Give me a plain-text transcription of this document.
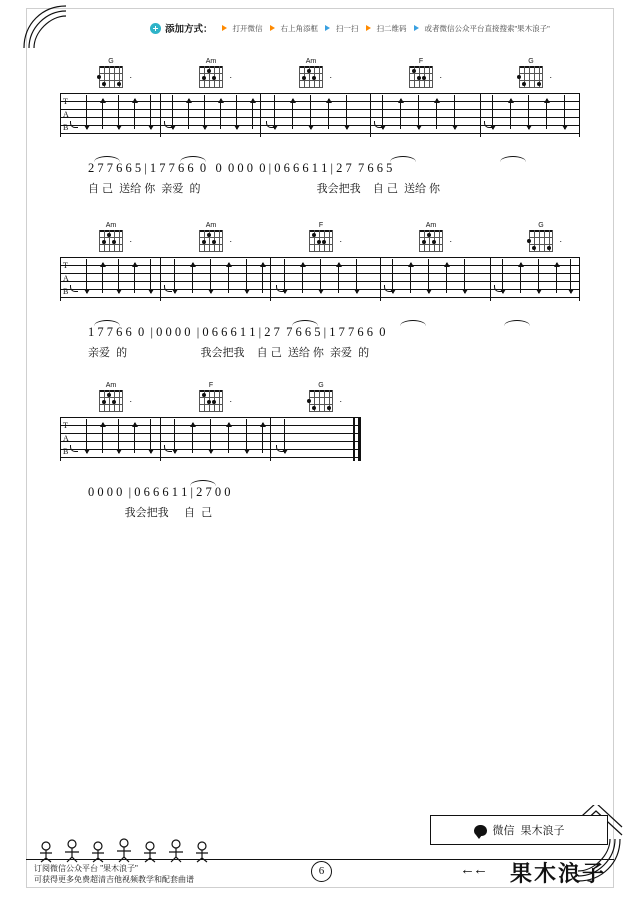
添加方式：	打开微信 右上角添框 扫一扫 扫二维码 或者微信公众平台直接搜索"果木浪子"
G
.
Am
.
Am
.
F
.
G
.
T
A
B
2 7 7 6 6 5 | 1 7 7 6 6  0   0  0 0 0  0 | 0 6 6 6 1 1 | 2 7  7 6 6 5
自 己  送给 你  亲爱  的                                      我会把我    自 己  送给 你
Am
.
Am
.
F
.
Am
.
G
.
T
A
B
1 7 7 6 6  0  | 0 0 0 0  | 0 6 6 6 1 1 | 2 7  7 6 6 5 | 1 7 7 6 6  0
亲爱  的                        我会把我    自 己  送给 你  亲爱  的
Am
.
F
.
G
.
T
A
B
0 0 0 0  | 0 6 6 6 1 1 | 2 7 0 0
我会把我     自  己
订阅微信公众平台 "果木浪子"
可获得更多免费超清吉他视频教学和配套曲谱
6	←← 果木浪子
微信 果木浪子
